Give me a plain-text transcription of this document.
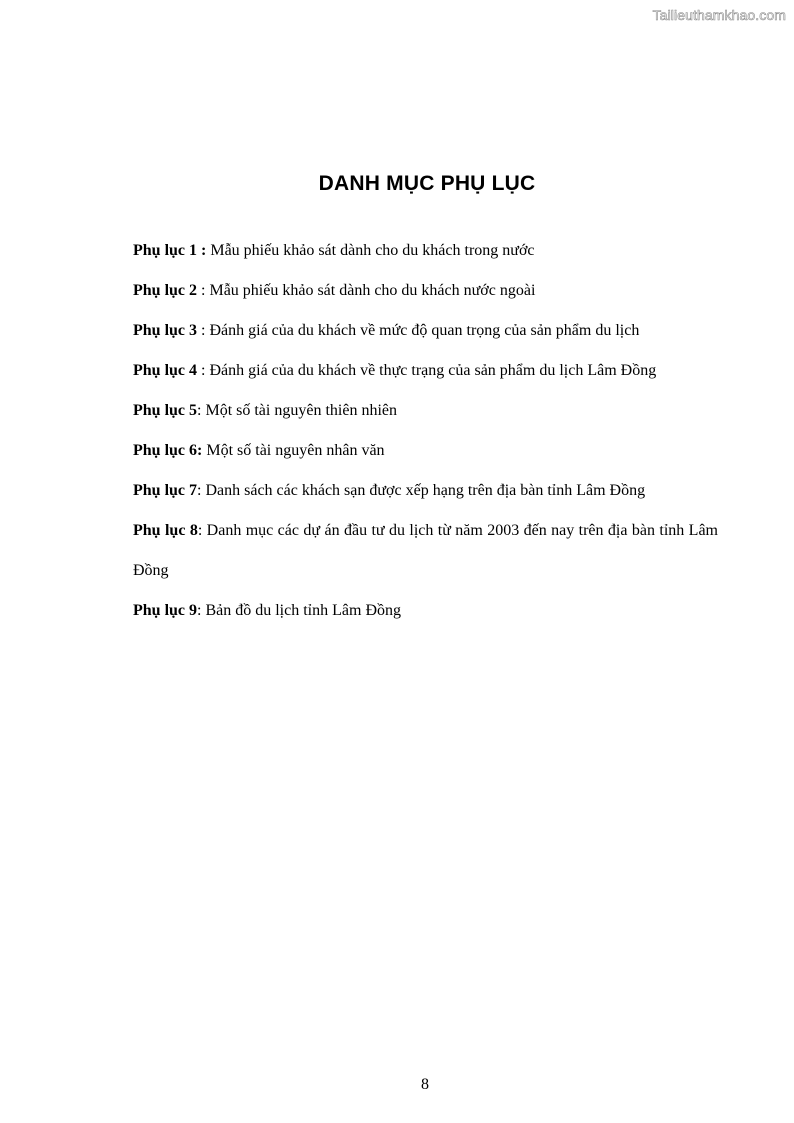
Tailieuthamkhao.com
DANH MỤC PHỤ LỤC

Phụ lục 1 : Mẫu phiếu khảo sát dành cho du khách trong nước

Phụ lục 2 : Mẫu phiếu khảo sát dành cho du khách nước ngoài

Phụ lục 3 : Đánh giá của du khách về mức độ quan trọng của sản phẩm du lịch

Phụ lục 4 : Đánh giá của du khách về thực trạng của sản phẩm du lịch Lâm Đồng

Phụ lục 5: Một số tài nguyên thiên nhiên

Phụ lục 6: Một số tài nguyên nhân văn

Phụ lục 7: Danh sách các khách sạn được xếp hạng trên địa bàn tỉnh Lâm Đồng

Phụ lục 8: Danh mục các dự án đầu tư du lịch từ năm 2003 đến nay trên địa bàn tỉnh Lâm Đồng

Phụ lục 9: Bản đồ du lịch tỉnh Lâm Đồng

8
